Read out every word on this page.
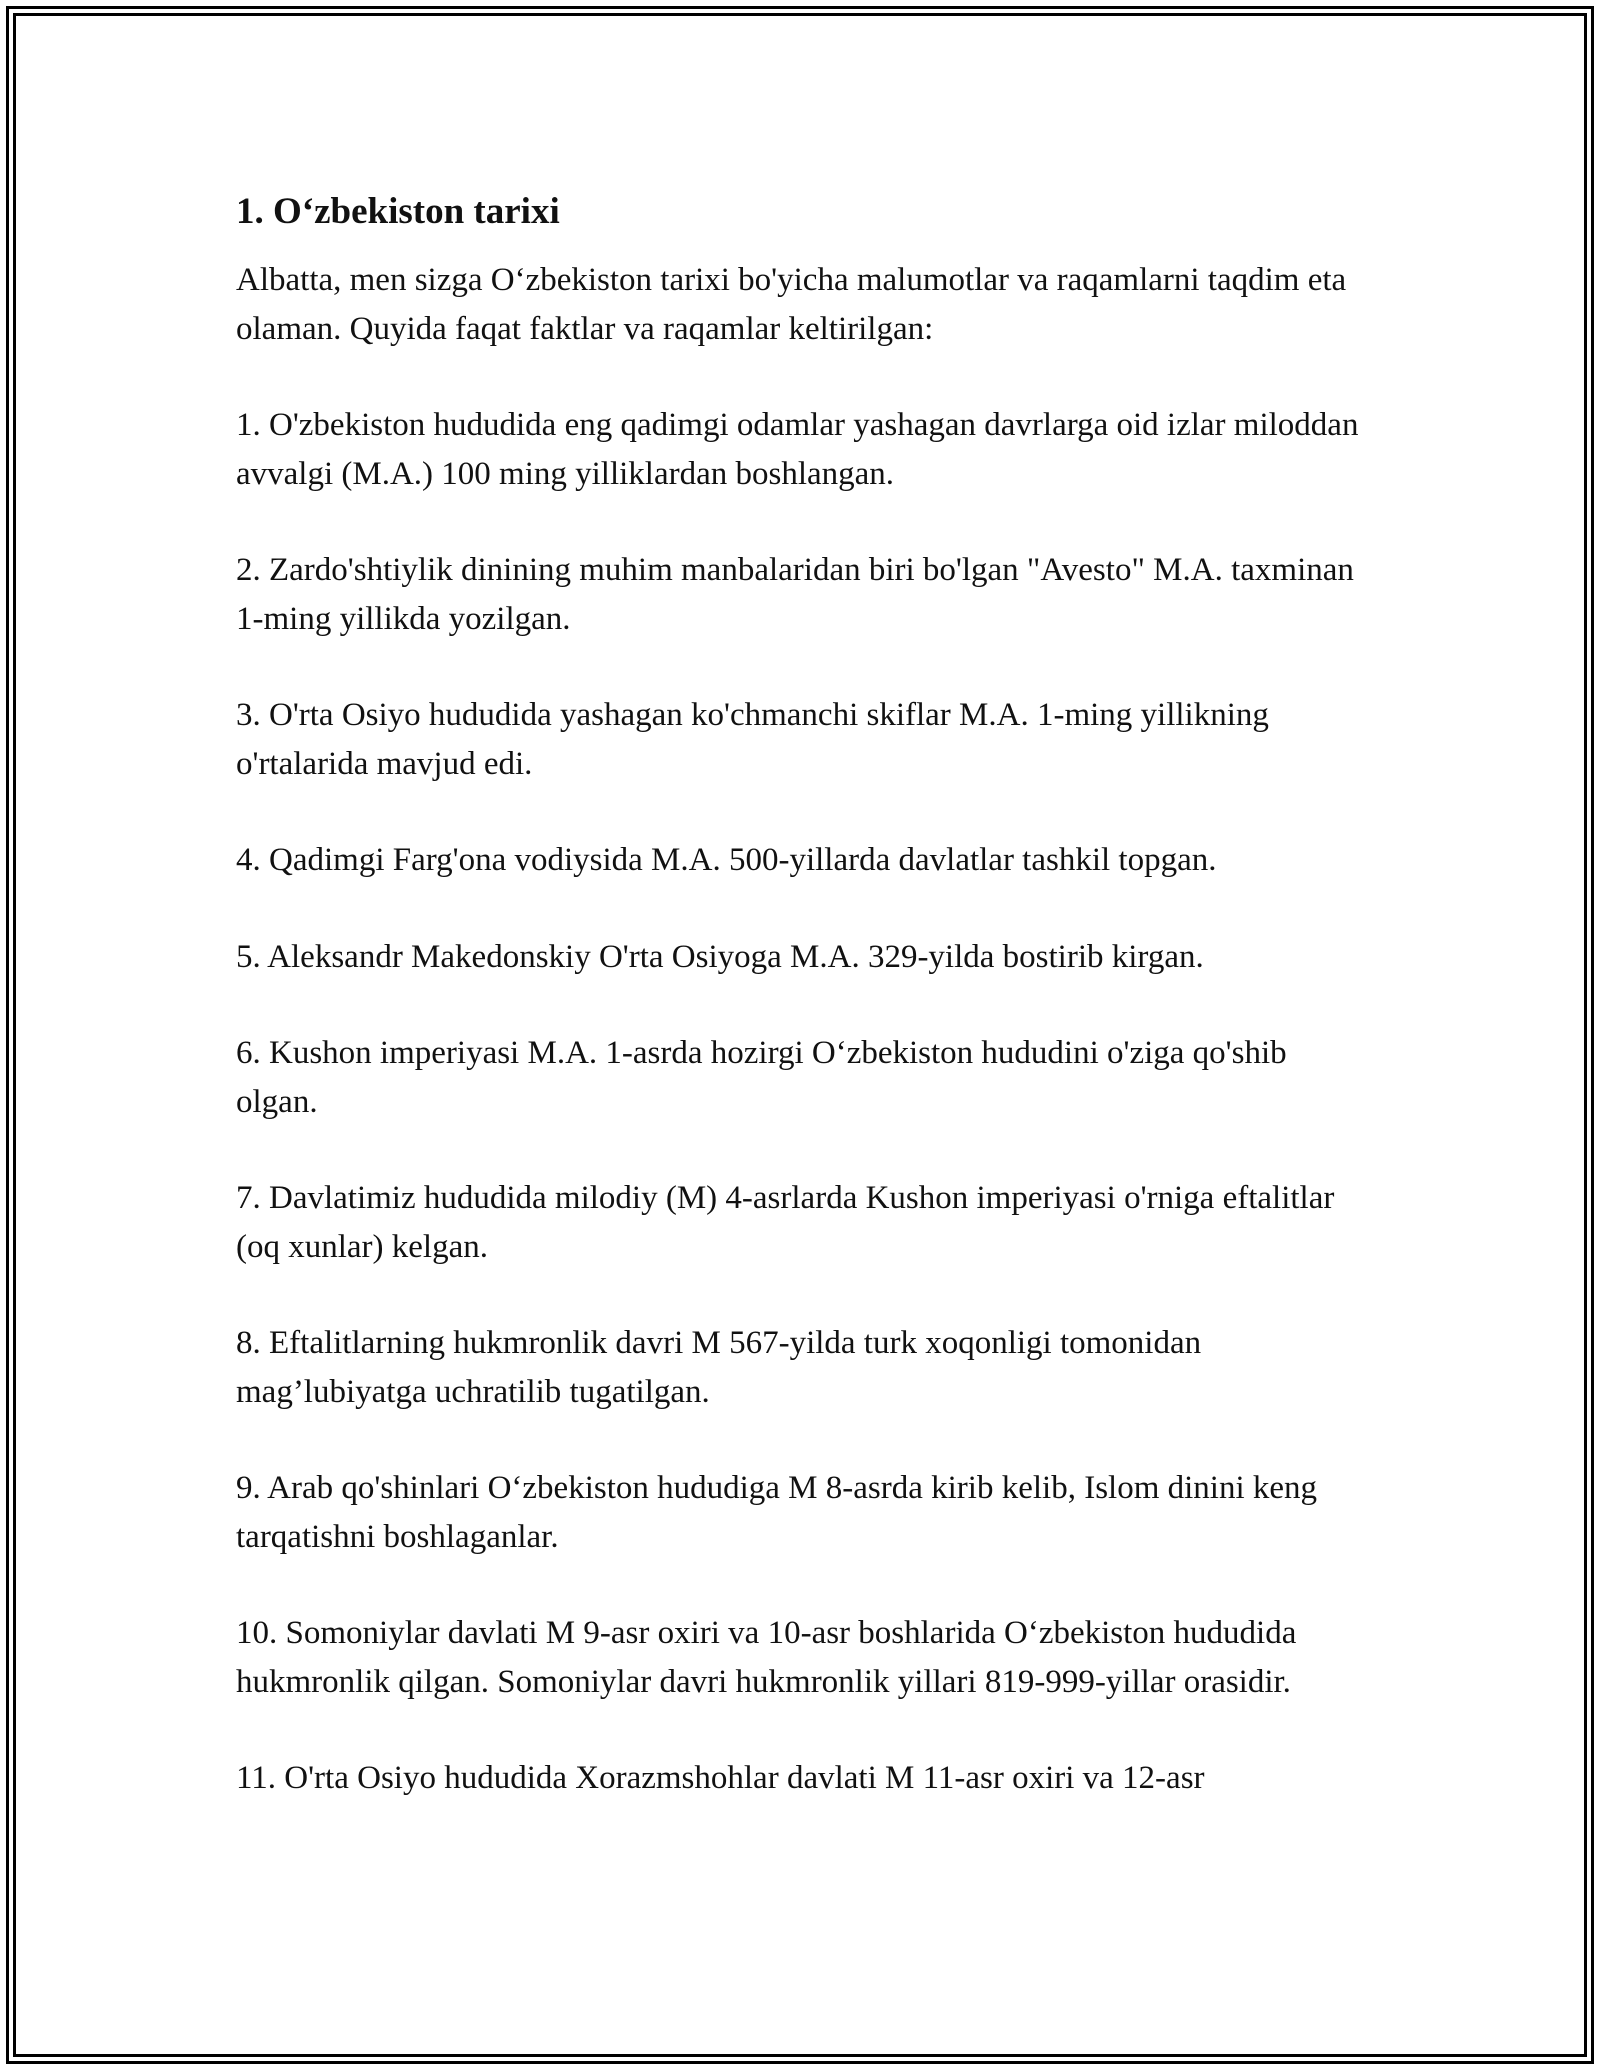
1. O‘zbekiston tarixi

Albatta, men sizga O‘zbekiston tarixi bo'yicha malumotlar va raqamlarni taqdim eta olaman. Quyida faqat faktlar va raqamlar keltirilgan:

1. O'zbekiston hududida eng qadimgi odamlar yashagan davrlarga oid izlar miloddan avvalgi (M.A.) 100 ming yilliklardan boshlangan.

2. Zardo'shtiylik dinining muhim manbalaridan biri bo'lgan "Avesto" M.A. taxminan 1-ming yillikda yozilgan.

3. O'rta Osiyo hududida yashagan ko'chmanchi skiflar M.A. 1-ming yillikning o'rtalarida mavjud edi.

4. Qadimgi Farg'ona vodiysida M.A. 500-yillarda davlatlar tashkil topgan.

5. Aleksandr Makedonskiy O'rta Osiyoga M.A. 329-yilda bostirib kirgan.

6. Kushon imperiyasi M.A. 1-asrda hozirgi O‘zbekiston hududini o'ziga qo'shib olgan.

7. Davlatimiz hududida milodiy (M) 4-asrlarda Kushon imperiyasi o'rniga eftalitlar (oq xunlar) kelgan.

8. Eftalitlarning hukmronlik davri M 567-yilda turk xoqonligi tomonidan mag’lubiyatga uchratilib tugatilgan.

9. Arab qo'shinlari O‘zbekiston hududiga M 8-asrda kirib kelib, Islom dinini keng tarqatishni boshlaganlar.

10. Somoniylar davlati M 9-asr oxiri va 10-asr boshlarida O‘zbekiston hududida hukmronlik qilgan. Somoniylar davri hukmronlik yillari 819-999-yillar orasidir.

11. O'rta Osiyo hududida Xorazmshohlar davlati M 11-asr oxiri va 12-asr
